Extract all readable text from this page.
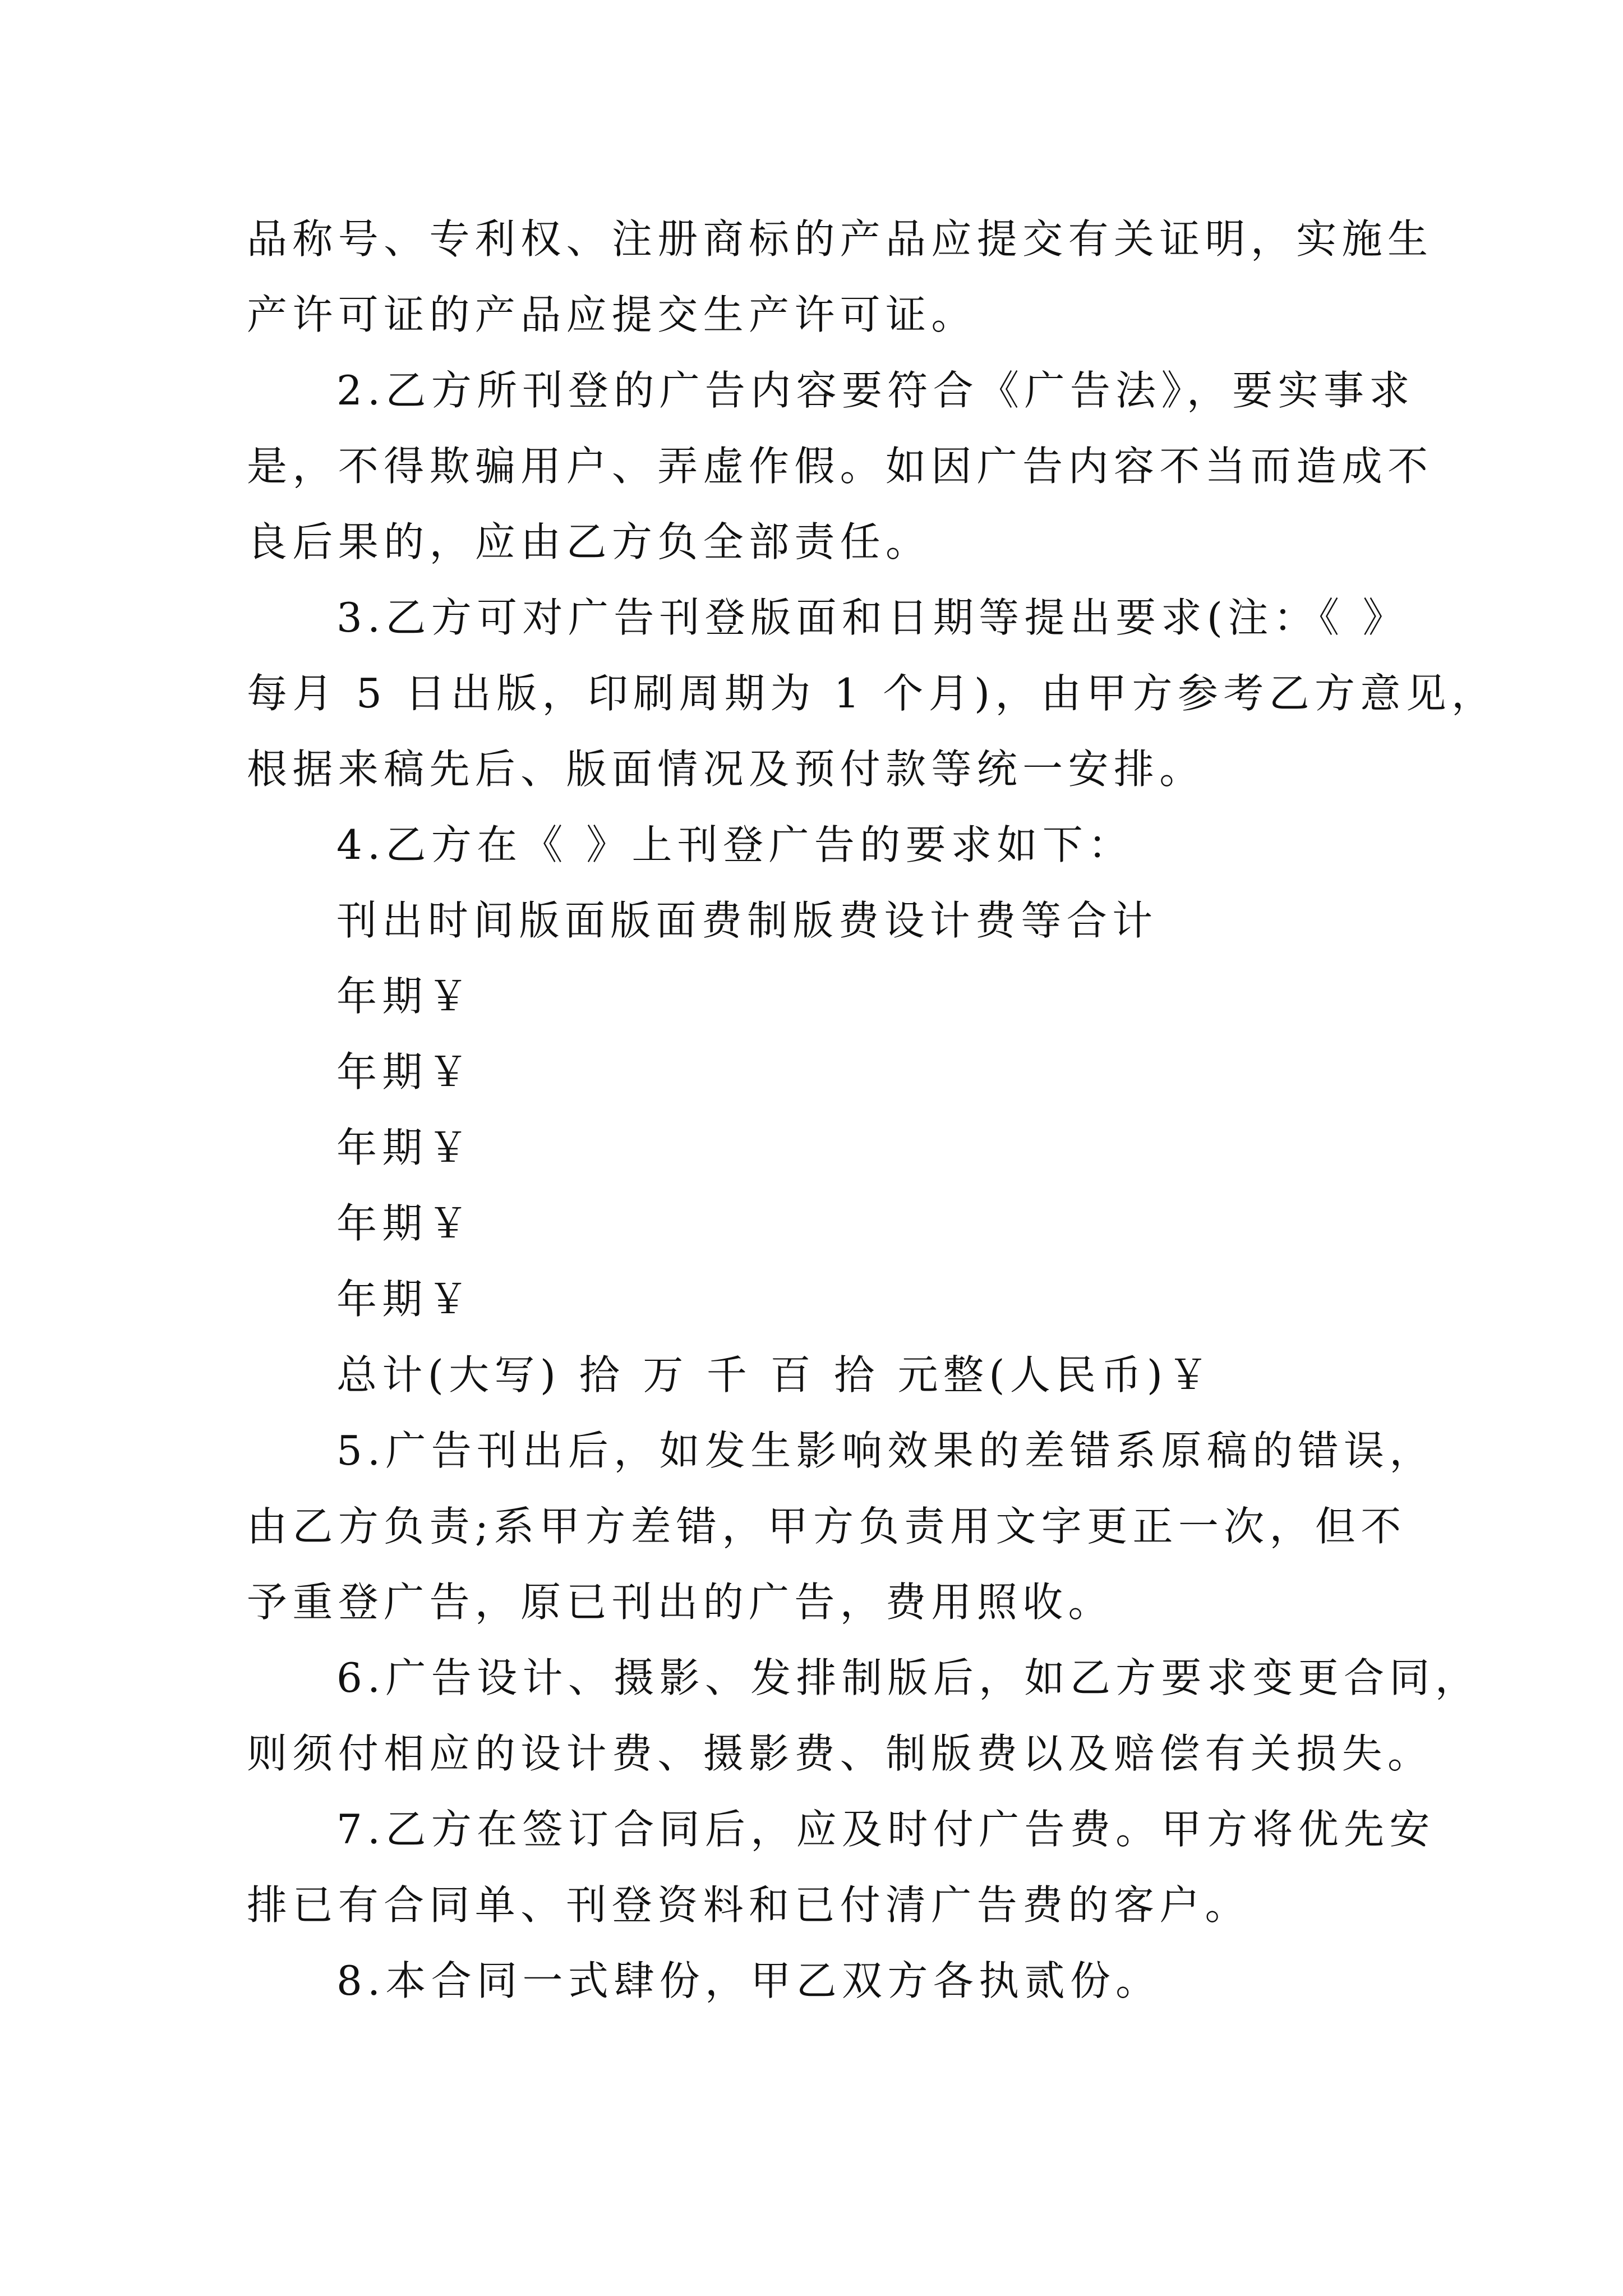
品称号、专利权、注册商标的产品应提交有关证明，实施生
产许可证的产品应提交生产许可证。
2.乙方所刊登的广告内容要符合《广告法》，要实事求
是，不得欺骗用户、弄虚作假。如因广告内容不当而造成不
良后果的，应由乙方负全部责任。
3.乙方可对广告刊登版面和日期等提出要求(注：《 》
每月 5 日出版，印刷周期为 1 个月)，由甲方参考乙方意见，
根据来稿先后、版面情况及预付款等统一安排。
4.乙方在《 》上刊登广告的要求如下：
刊出时间版面版面费制版费设计费等合计
年期￥
年期￥
年期￥
年期￥
年期￥
总计(大写) 拾 万 千 百 拾 元整(人民币)￥
5.广告刊出后，如发生影响效果的差错系原稿的错误，
由乙方负责;系甲方差错，甲方负责用文字更正一次，但不
予重登广告，原已刊出的广告，费用照收。
6.广告设计、摄影、发排制版后，如乙方要求变更合同，
则须付相应的设计费、摄影费、制版费以及赔偿有关损失。
7.乙方在签订合同后，应及时付广告费。甲方将优先安
排已有合同单、刊登资料和已付清广告费的客户。
8.本合同一式肆份，甲乙双方各执贰份。
